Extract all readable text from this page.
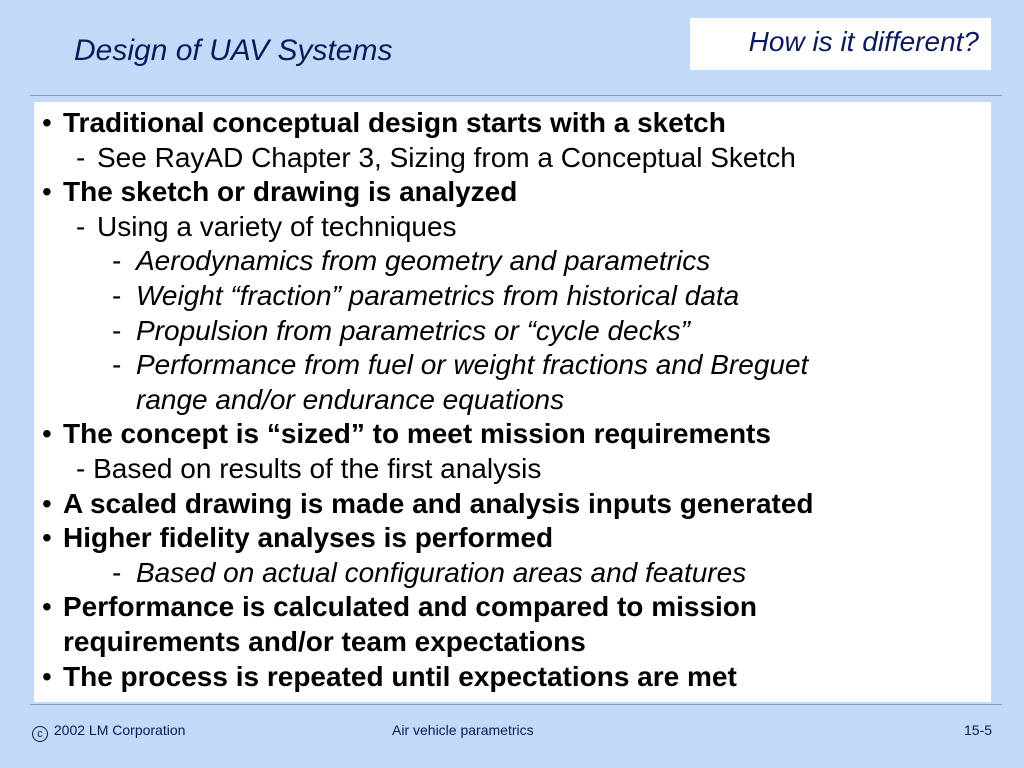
Design of UAV Systems	How is it different?
• Traditional conceptual design starts with a sketch
- See RayAD Chapter 3, Sizing from a Conceptual Sketch
• The sketch or drawing is analyzed
- Using a variety of techniques
- Aerodynamics from geometry and parametrics
- Weight “fraction” parametrics from historical data
- Propulsion from parametrics or “cycle decks”
- Performance from fuel or weight fractions and Breguet
range and/or endurance equations
• The concept is “sized” to meet mission requirements
- Based on results of the first analysis
• A scaled drawing is made and analysis inputs generated
• Higher fidelity analyses is performed
- Based on actual configuration areas and features
• Performance is calculated and compared to mission
requirements and/or team expectations
• The process is repeated until expectations are met
c 2002 LM Corporation	Air vehicle parametrics	15-5
